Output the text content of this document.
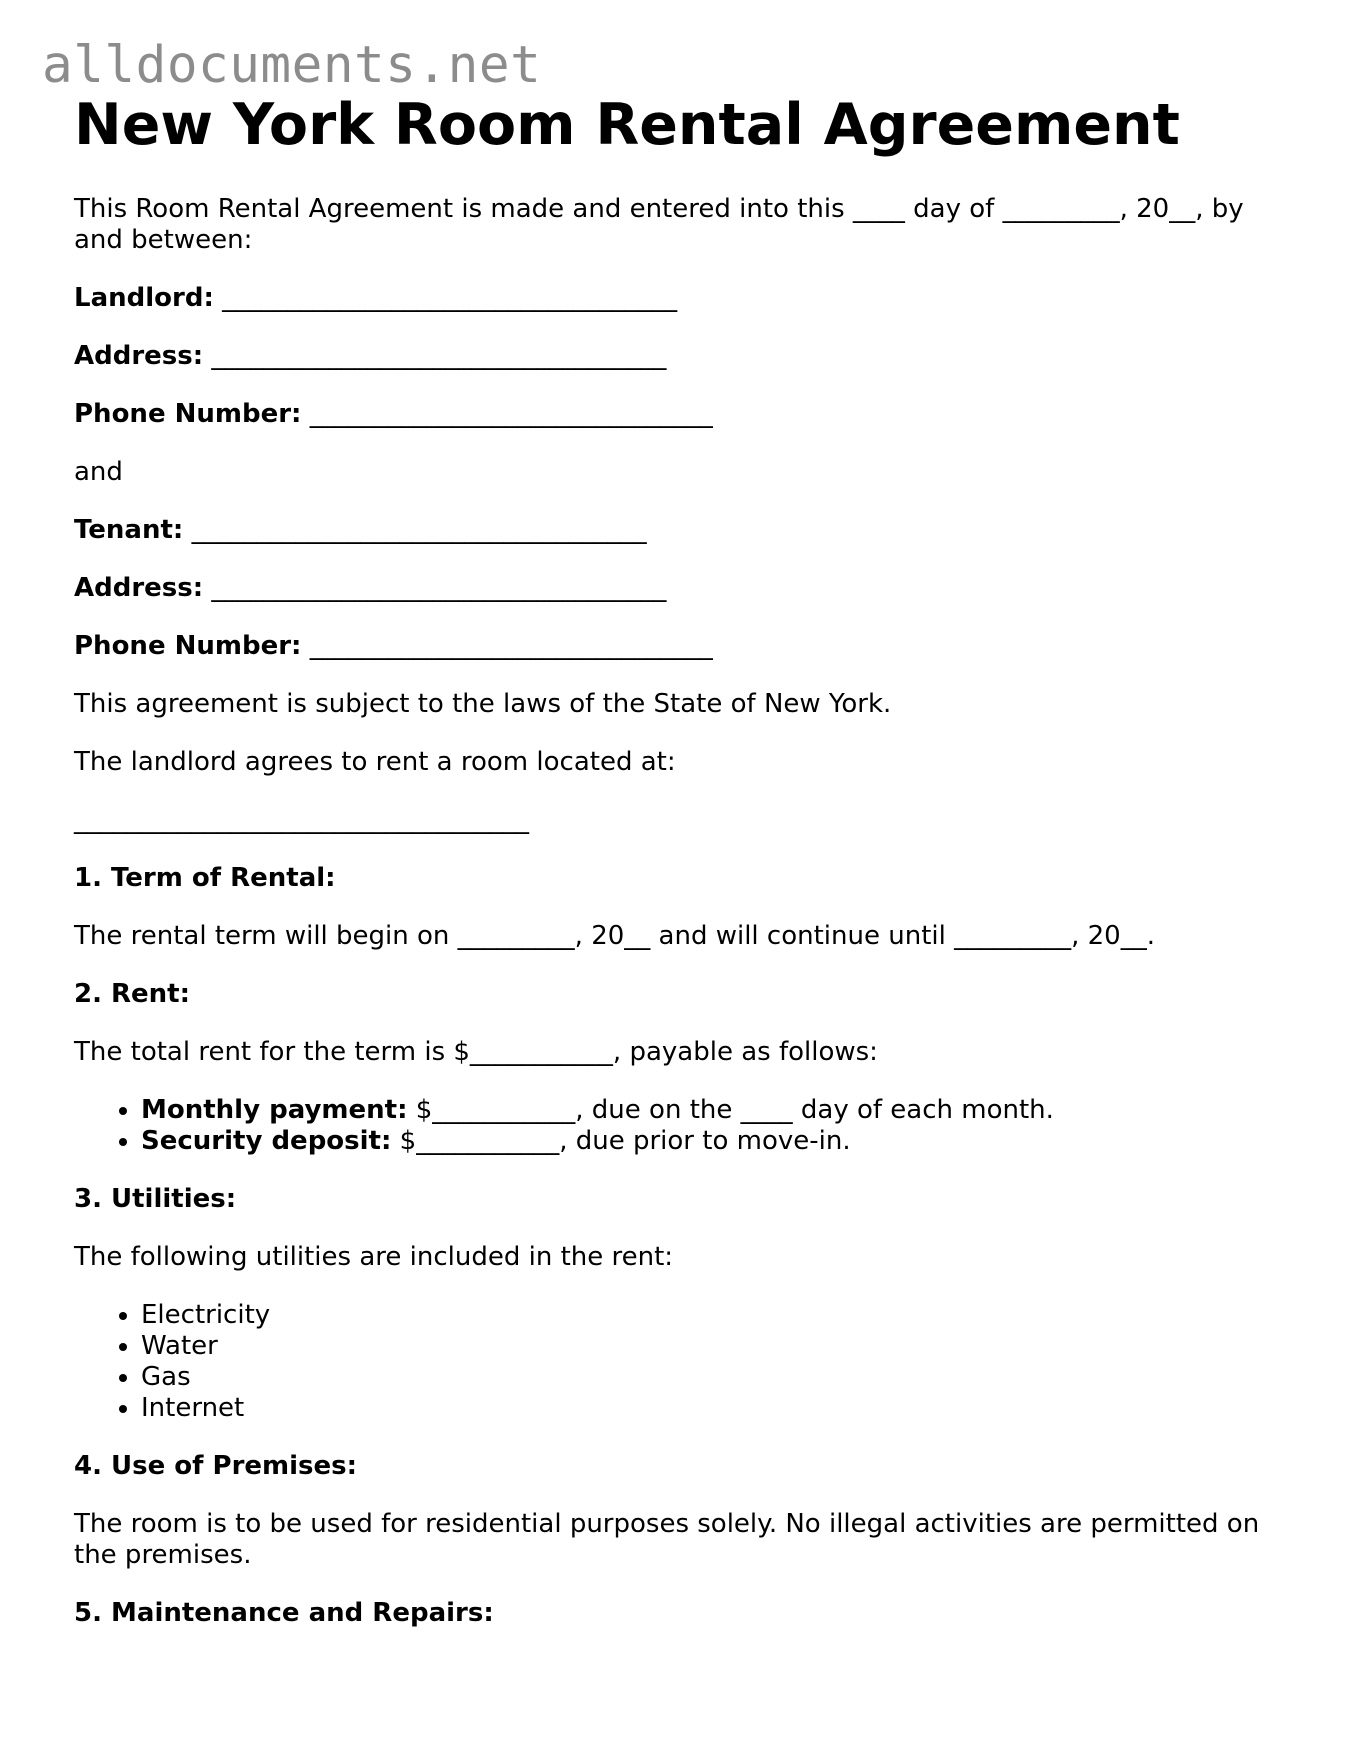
alldocuments.net
New York Room Rental Agreement

This Room Rental Agreement is made and entered into this ____ day of _________, 20__, by and between:

Landlord: ___________________________________

Address: ___________________________________

Phone Number: _______________________________

and

Tenant: ___________________________________

Address: ___________________________________

Phone Number: _______________________________

This agreement is subject to the laws of the State of New York.

The landlord agrees to rent a room located at:

___________________________________

1. Term of Rental:

The rental term will begin on _________, 20__ and will continue until _________, 20__.

2. Rent:

The total rent for the term is $___________, payable as follows:

• Monthly payment: $___________, due on the ____ day of each month.
• Security deposit: $___________, due prior to move-in.
3. Utilities:

The following utilities are included in the rent:

• Electricity
• Water
• Gas
• Internet
4. Use of Premises:

The room is to be used for residential purposes solely. No illegal activities are permitted on the premises.

5. Maintenance and Repairs:
